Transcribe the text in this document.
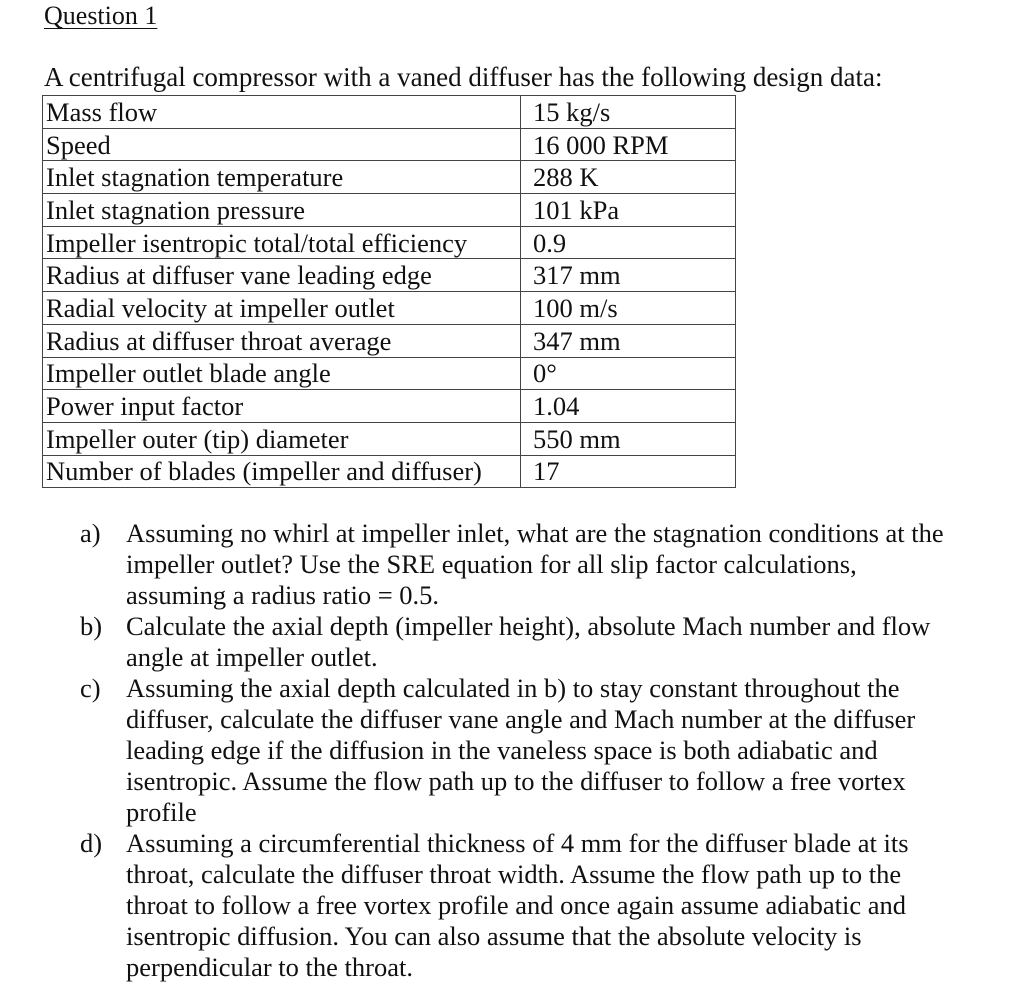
Question 1
A centrifugal compressor with a vaned diffuser has the following design data:
Mass flow	15 kg/s
Speed	16 000 RPM
Inlet stagnation temperature	288 K
Inlet stagnation pressure	101 kPa
Impeller isentropic total/total efficiency	0.9
Radius at diffuser vane leading edge	317 mm
Radial velocity at impeller outlet	100 m/s
Radius at diffuser throat average	347 mm
Impeller outlet blade angle	0°
Power input factor	1.04
Impeller outer (tip) diameter	550 mm
Number of blades (impeller and diffuser)	17
a) Assuming no whirl at impeller inlet, what are the stagnation conditions at the
impeller outlet? Use the SRE equation for all slip factor calculations,
assuming a radius ratio = 0.5.
b) Calculate the axial depth (impeller height), absolute Mach number and flow
angle at impeller outlet.
c) Assuming the axial depth calculated in b) to stay constant throughout the
diffuser, calculate the diffuser vane angle and Mach number at the diffuser
leading edge if the diffusion in the vaneless space is both adiabatic and
isentropic. Assume the flow path up to the diffuser to follow a free vortex
profile
d) Assuming a circumferential thickness of 4 mm for the diffuser blade at its
throat, calculate the diffuser throat width. Assume the flow path up to the
throat to follow a free vortex profile and once again assume adiabatic and
isentropic diffusion. You can also assume that the absolute velocity is
perpendicular to the throat.
